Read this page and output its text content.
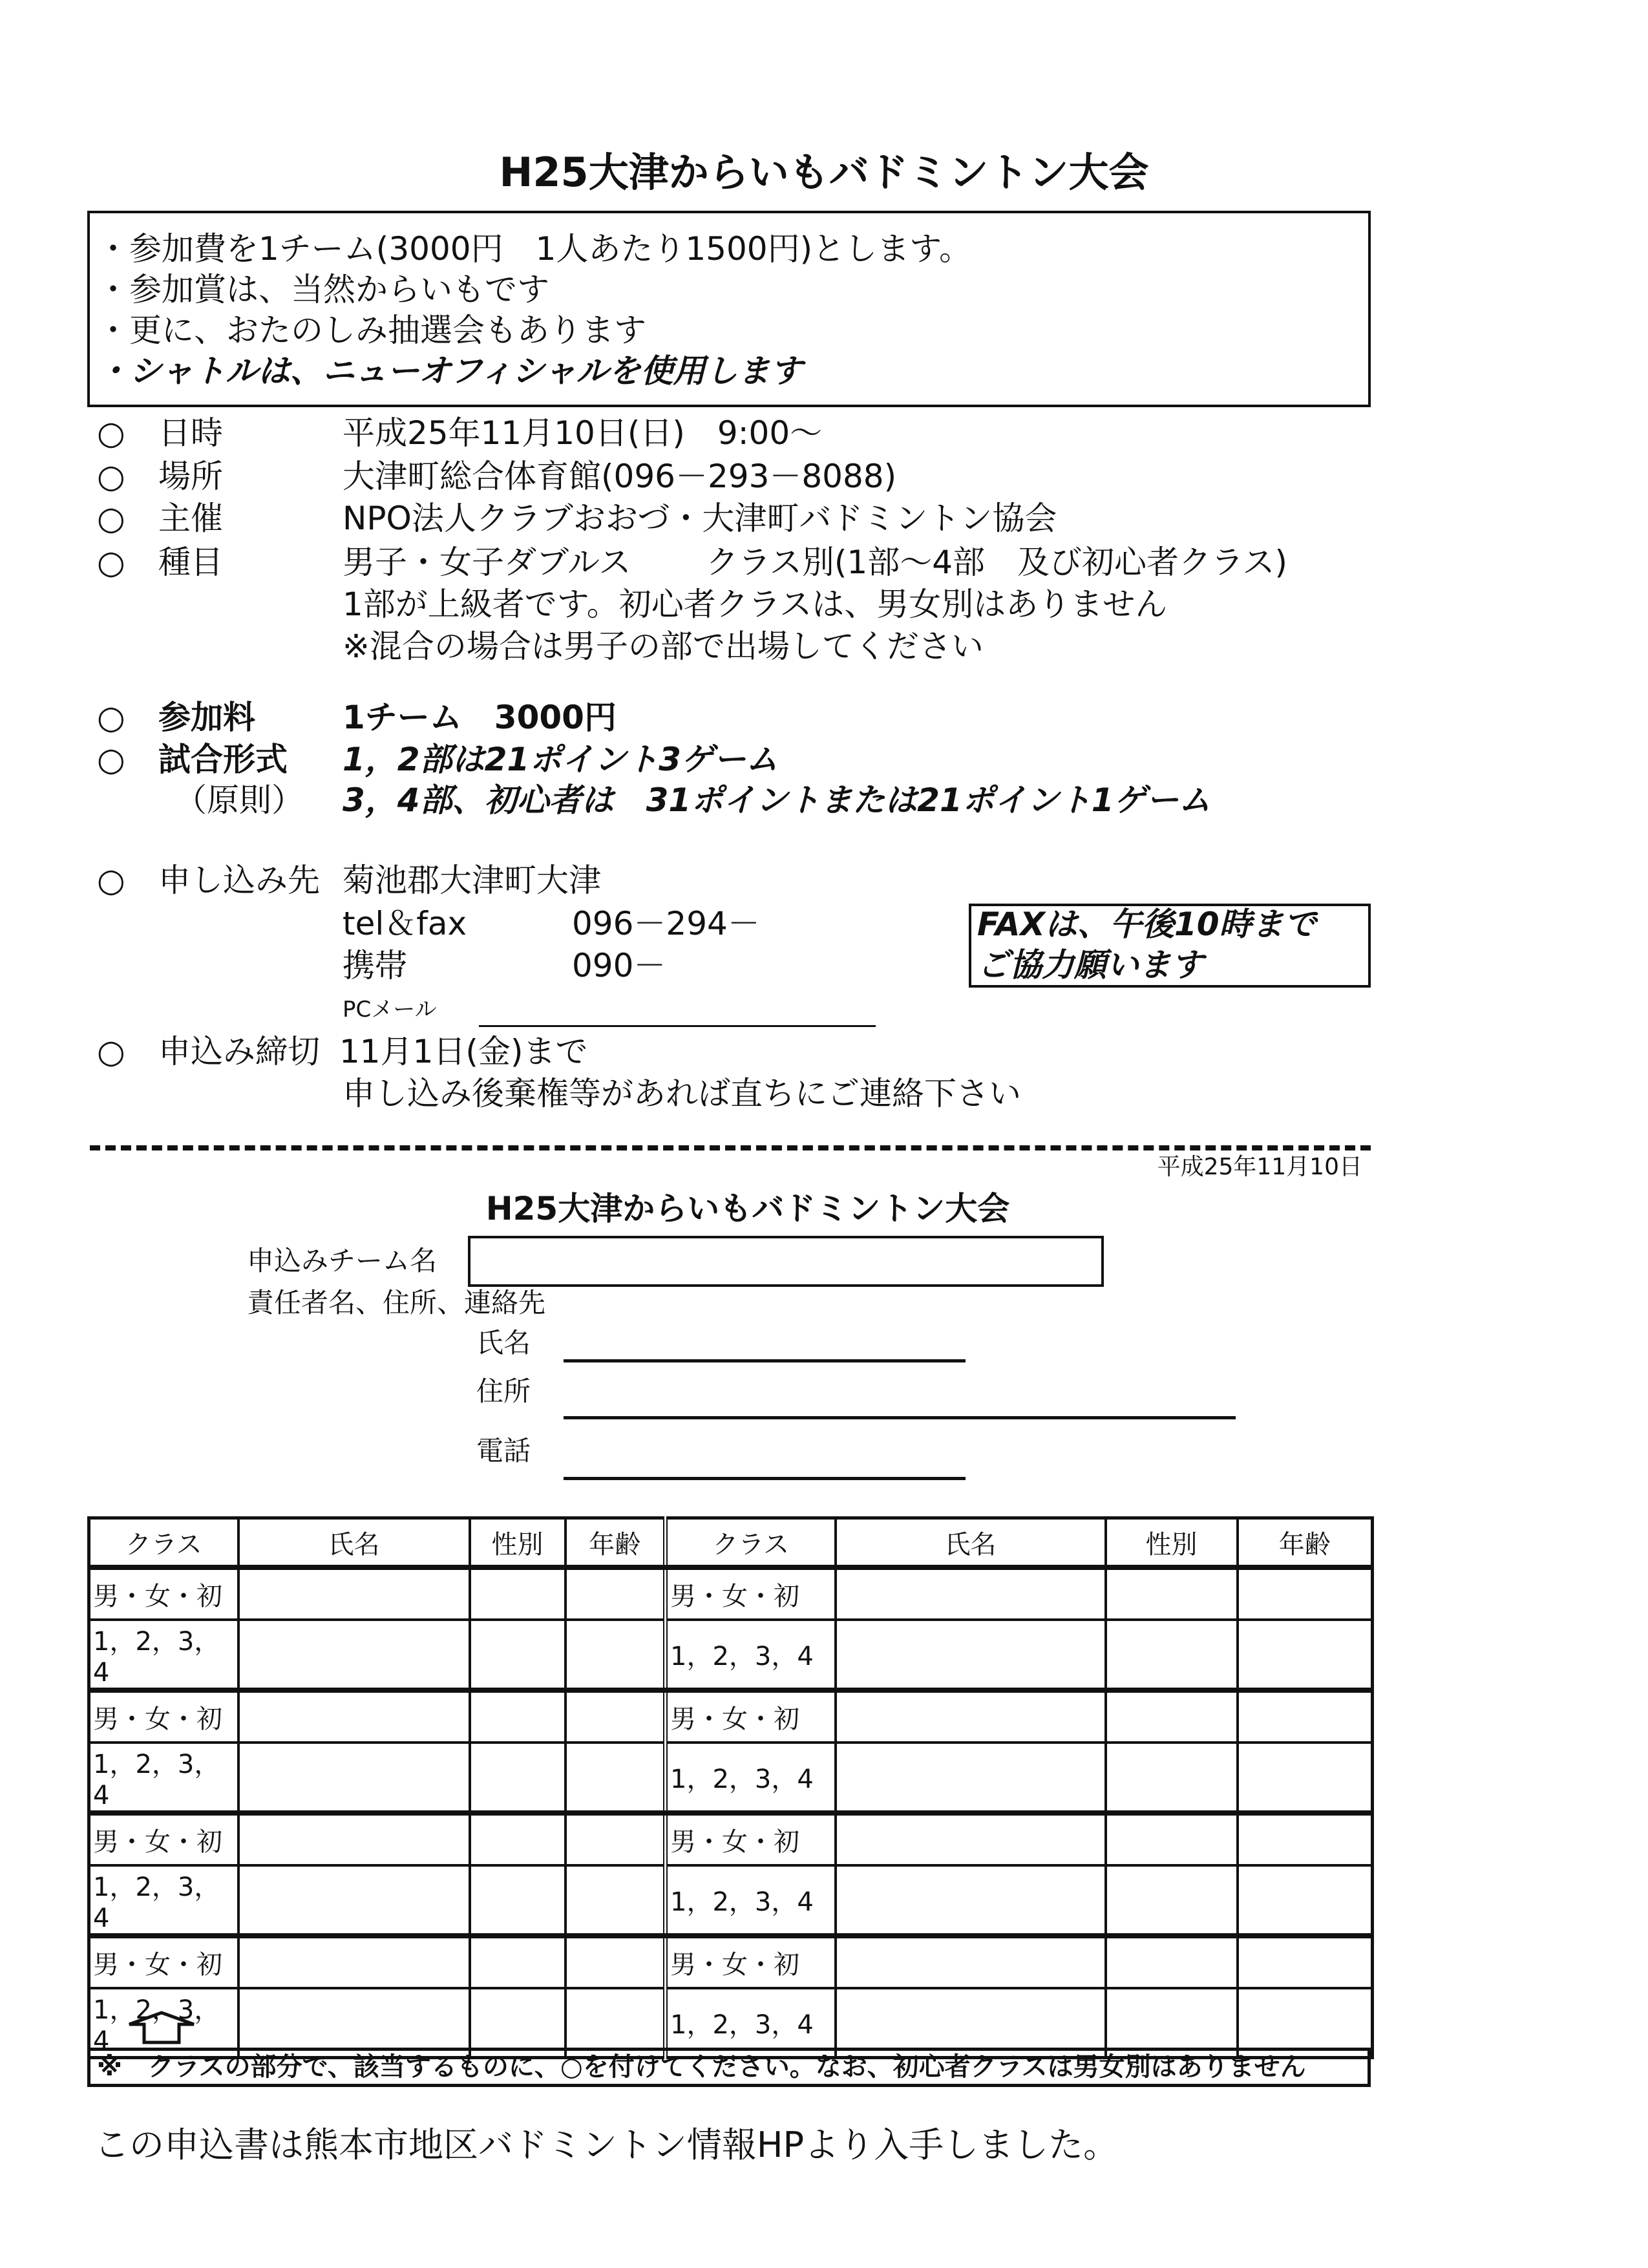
H25大津からいもバドミントン大会
・参加費を1チーム(3000円　1人あたり1500円)とします。
・参加賞は、当然からいもです
・更に、おたのしみ抽選会もあります
・シャトルは、ニューオフィシャルを使用します
○ 日時	平成25年11月10日(日)　9:00～
○ 場所	大津町総合体育館(096－293－8088)
○ 主催	NPO法人クラブおおづ・大津町バドミントン協会
○ 種目	男子・女子ダブルス　　 クラス別(1部～4部　及び初心者クラス)
1部が上級者です。初心者クラスは、男女別はありません
※混合の場合は男子の部で出場してください
○ 参加料	1チーム　3000円
○ 試合形式 1，2部は21ポイント3ゲーム
（原則） 3，4部、初心者は　31ポイントまたは21ポイント1ゲーム
○ 申し込み先 菊池郡大津町大津
tel＆fax	096－294－
携帯	090－
PCメール
FAXは、午後10時まで
ご協力願います
○ 申込み締切 11月1日(金)まで
申し込み後棄権等があれば直ちにご連絡下さい
平成25年11月10日
H25大津からいもバドミントン大会
申込みチーム名
責任者名、住所、連絡先
氏名
住所
電話
クラス	氏名	性別	年齢	クラス	氏名	性別	年齢
男・女・初				男・女・初			
1，2，3，4				1，2，3，4			
男・女・初				男・女・初			
1，2，3，4				1，2，3，4			
男・女・初				男・女・初			
1，2，3，4				1，2，3，4			
男・女・初				男・女・初			
1，2，3，4				1，2，3，4			
※　クラスの部分で、該当するものに、○を付けてください。なお、初心者クラスは男女別はありません
この申込書は熊本市地区バドミントン情報HPより入手しました。
